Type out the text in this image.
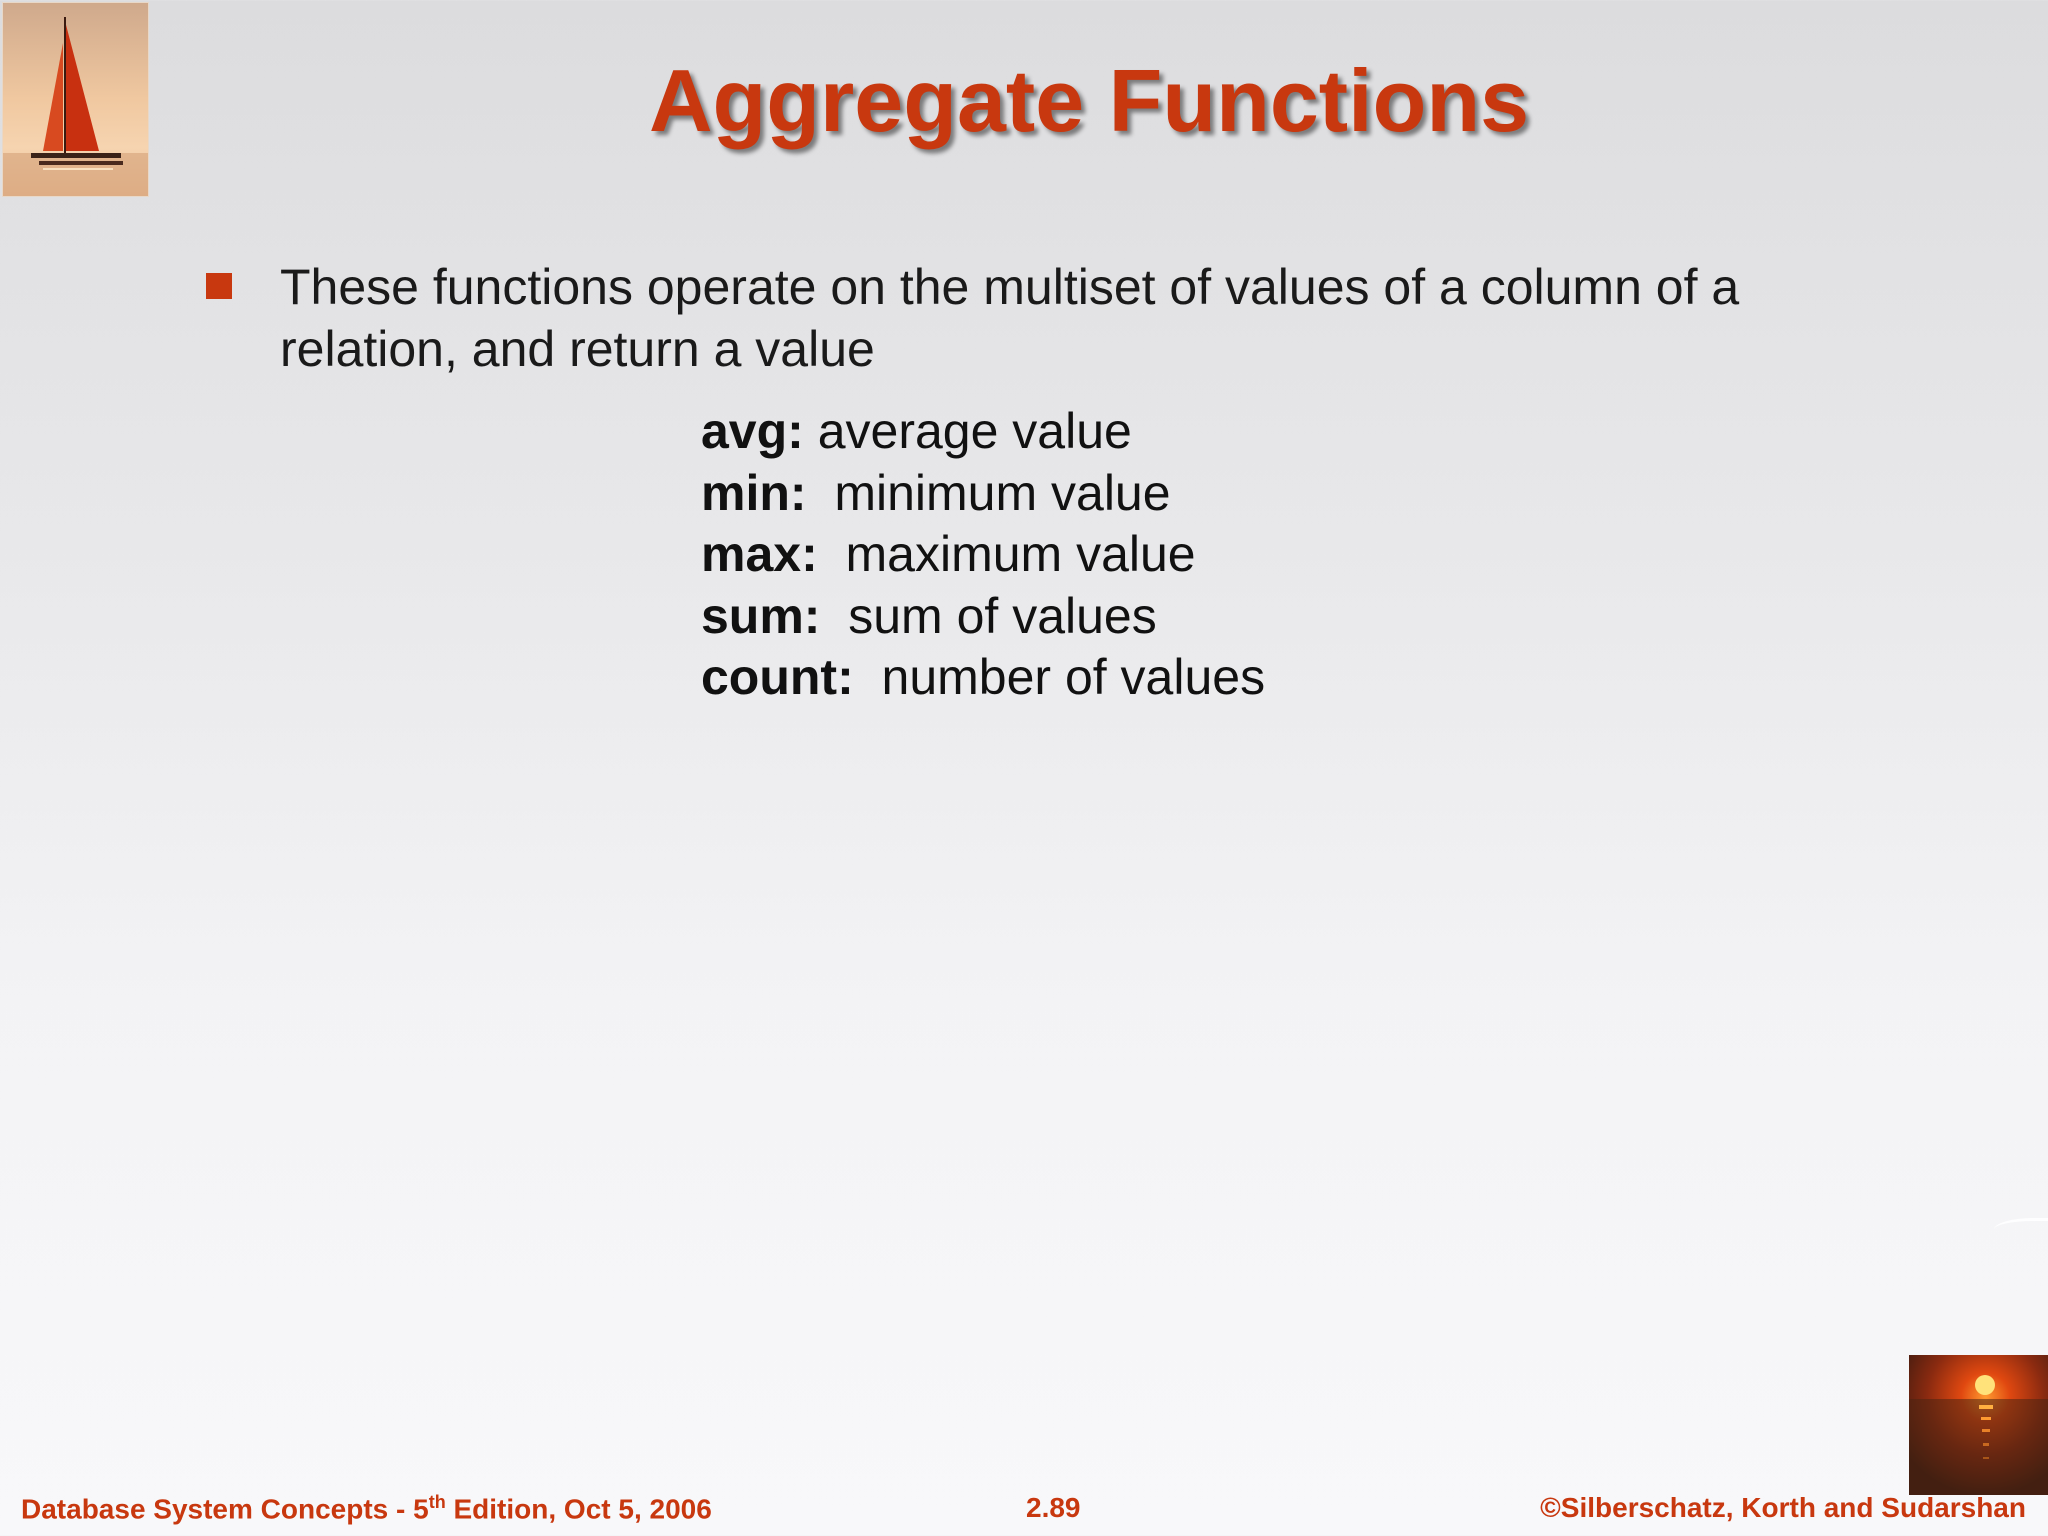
Aggregate Functions
These functions operate on the multiset of values of a column of a relation, and return a value
avg: average value
min:  minimum value
max:  maximum value
sum:  sum of values
count:  number of values
Database System Concepts - 5th Edition, Oct 5, 2006	2.89	©Silberschatz, Korth and Sudarshan
